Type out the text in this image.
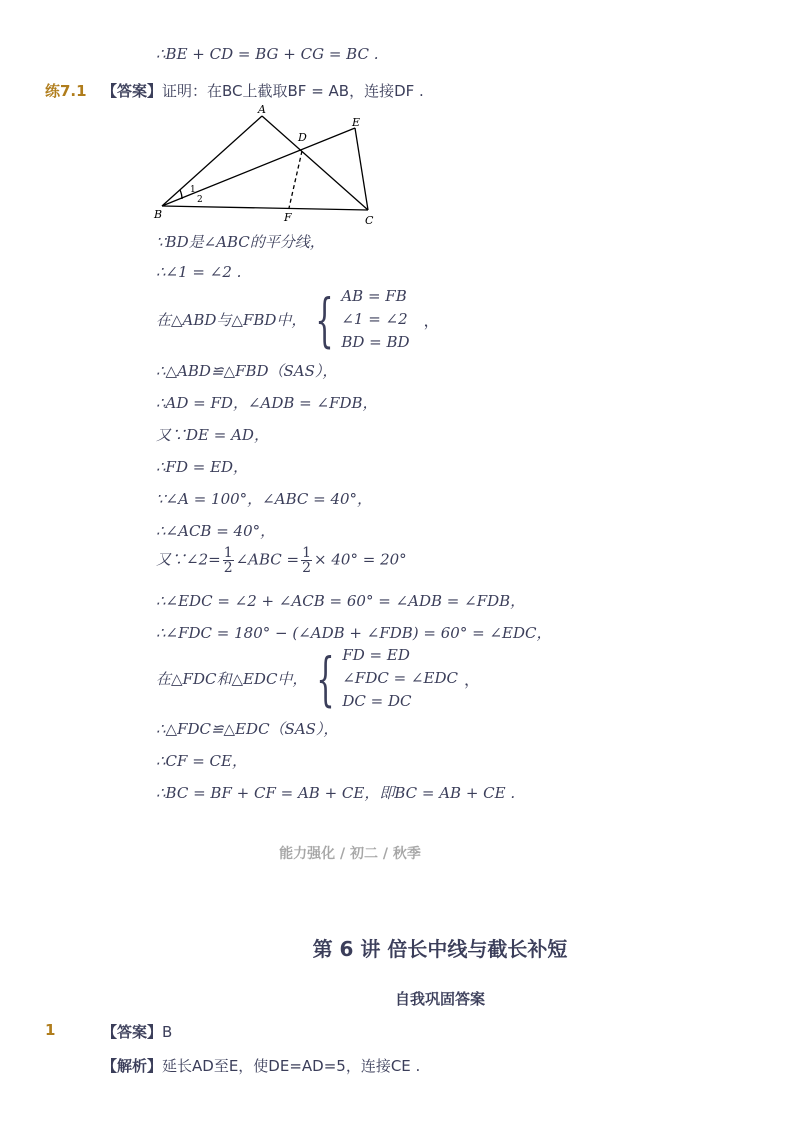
∴BE + CD = BG + CG = BC .
练7.1 【答案】证明：在BC上截取BF = AB，连接DF .
A
B	C
D
E
F
1
2
∵BD是∠ABC的平分线，
∴∠1 = ∠2 .
在△ABD与△FBD中， { AB = FB
∠1 = ∠2
BD = BD
，
∴△ABD≌△FBD（SAS），
∴AD = FD，∠ADB = ∠FDB，
又∵DE = AD，
∴FD = ED，
∵∠A = 100°，∠ABC = 40°，
∴∠ACB = 40°，
又∵∠2= $\frac{1}{2}$ ∠ABC = $\frac{1}{2} \times 40^\circ = 20^\circ$
∴∠EDC = ∠2 + ∠ACB = 60° = ∠ADB = ∠FDB，
∴∠FDC = 180° − (∠ADB + ∠FDB) = 60° = ∠EDC，
在△FDC和△EDC中， { FD = ED
∠FDC = ∠EDC
DC = DC
，
∴△FDC≌△EDC（SAS），
∴CF = CE，
∴BC = BF + CF = AB + CE，即BC = AB + CE .
能力强化 / 初二 / 秋季
第 6 讲 倍长中线与截长补短
自我巩固答案
1	【答案】B
【解析】延长AD至E，使DE=AD=5，连接CE .
